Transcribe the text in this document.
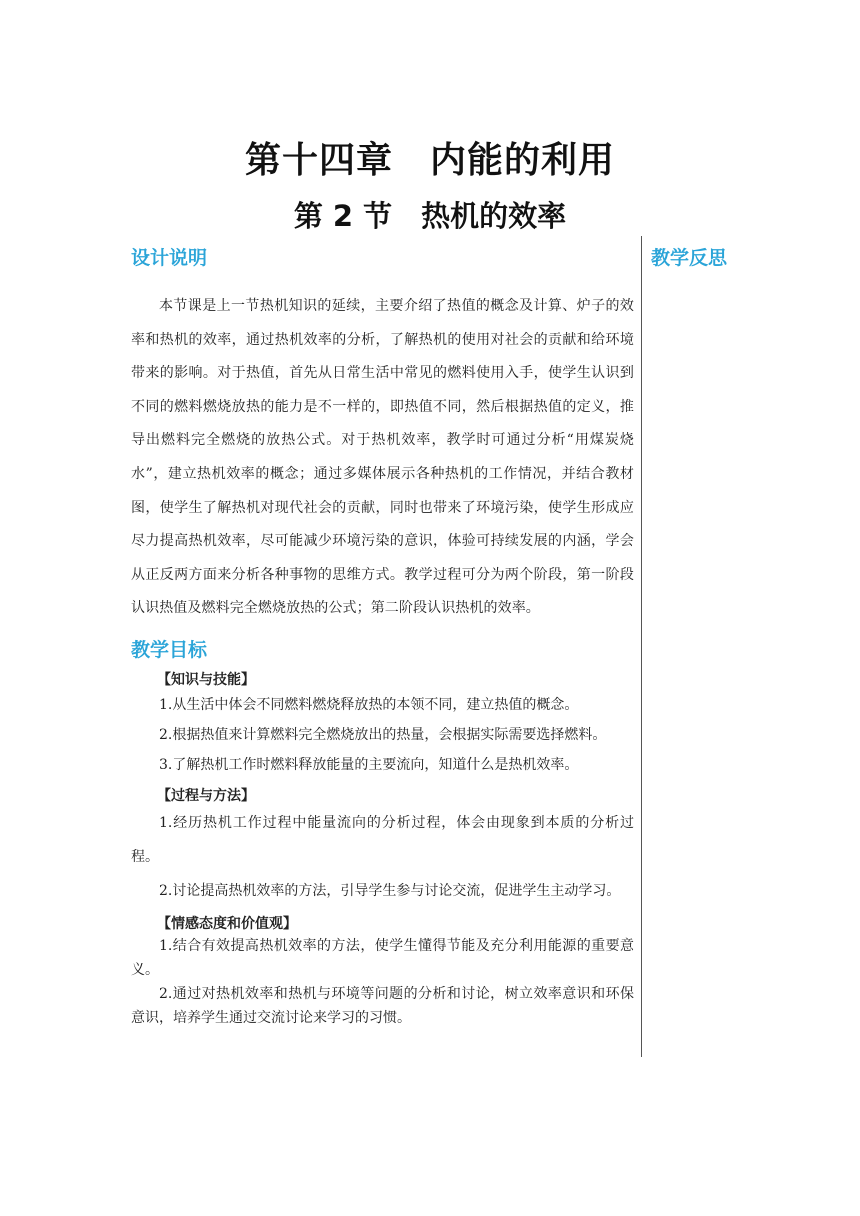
第十四章　内能的利用
第 2 节　热机的效率
设计说明

本节课是上一节热机知识的延续，主要介绍了热值的概念及计算、炉子的效率和热机的效率，通过热机效率的分析，了解热机的使用对社会的贡献和给环境带来的影响。对于热值，首先从日常生活中常见的燃料使用入手，使学生认识到不同的燃料燃烧放热的能力是不一样的，即热值不同，然后根据热值的定义，推导出燃料完全燃烧的放热公式。对于热机效率，教学时可通过分析“用煤炭烧水”，建立热机效率的概念；通过多媒体展示各种热机的工作情况，并结合教材图，使学生了解热机对现代社会的贡献，同时也带来了环境污染，使学生形成应尽力提高热机效率，尽可能减少环境污染的意识，体验可持续发展的内涵，学会从正反两方面来分析各种事物的思维方式。教学过程可分为两个阶段，第一阶段认识热值及燃料完全燃烧放热的公式；第二阶段认识热机的效率。

教学目标
【知识与技能】

1.从生活中体会不同燃料燃烧释放热的本领不同，建立热值的概念。

2.根据热值来计算燃料完全燃烧放出的热量，会根据实际需要选择燃料。

3.了解热机工作时燃料释放能量的主要流向，知道什么是热机效率。

【过程与方法】

1.经历热机工作过程中能量流向的分析过程，体会由现象到本质的分析过程。

2.讨论提高热机效率的方法，引导学生参与讨论交流，促进学生主动学习。

【情感态度和价值观】

1.结合有效提高热机效率的方法，使学生懂得节能及充分利用能源的重要意义。

2.通过对热机效率和热机与环境等问题的分析和讨论，树立效率意识和环保意识，培养学生通过交流讨论来学习的习惯。

教学反思
